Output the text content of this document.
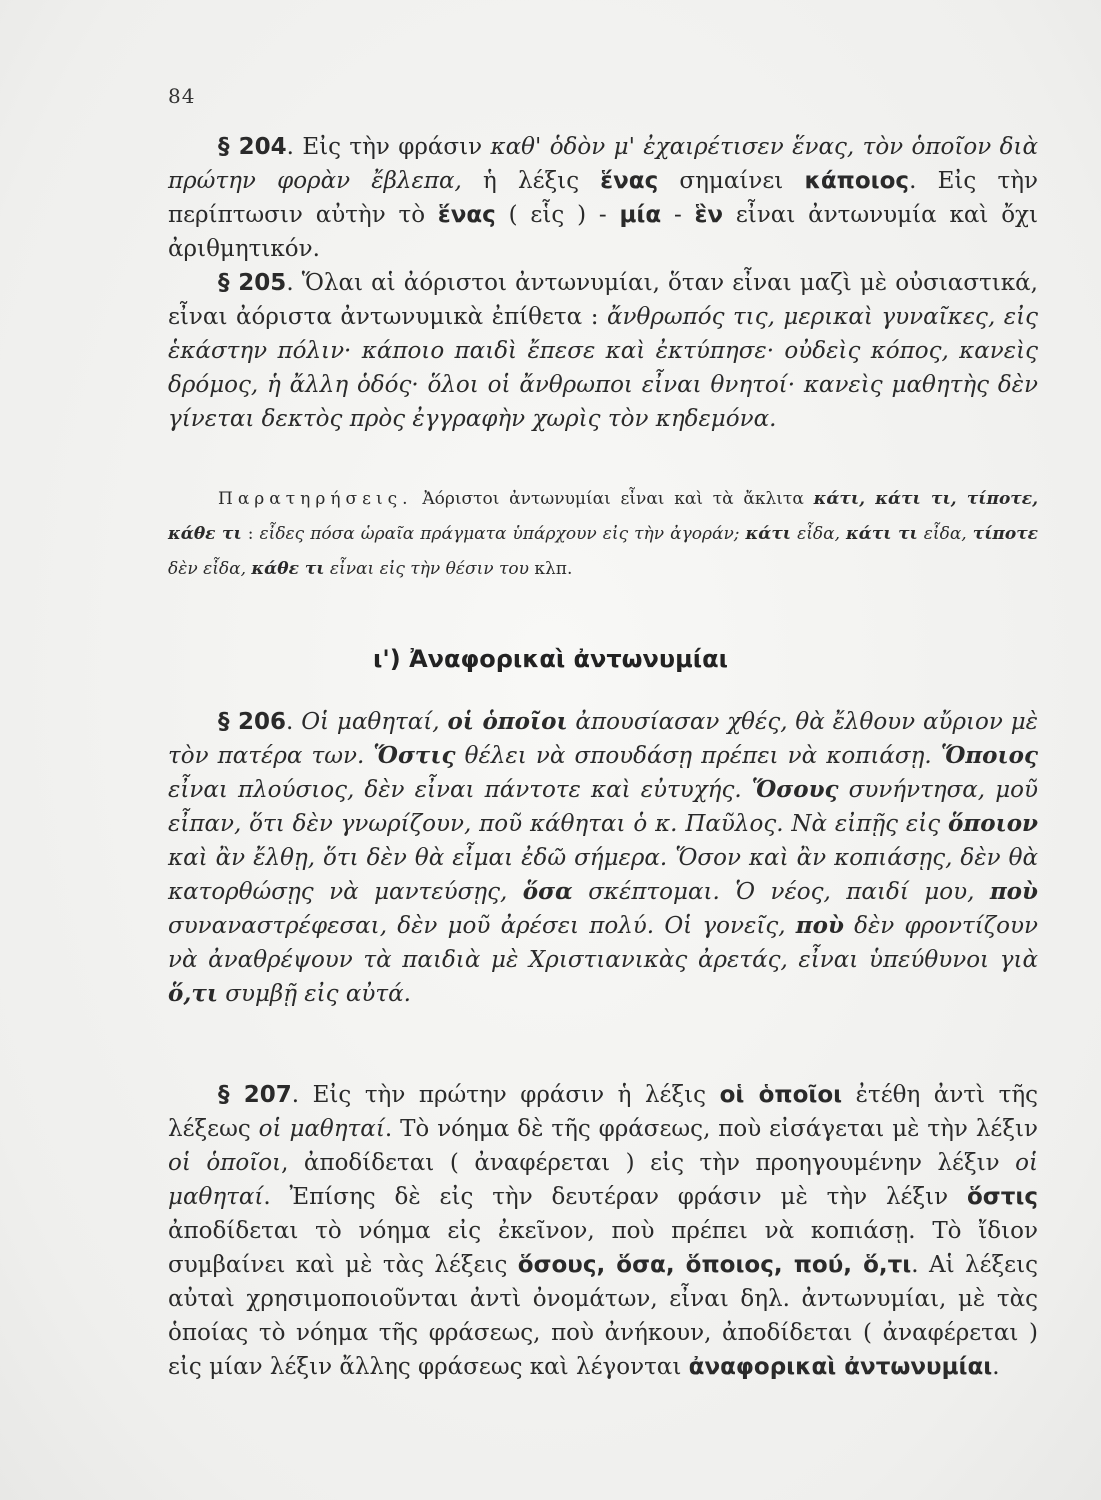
84

§ 204. Εἰς τὴν φράσιν καθ' ὁδὸν μ' ἐχαιρέτισεν ἕνας, τὸν ὁποῖον διὰ πρώτην φορὰν ἔβλεπα, ἡ λέξις ἕνας σημαίνει κάποιος. Εἰς τὴν περίπτωσιν αὐτὴν τὸ ἕνας ( εἷς ) - μία - ἓν εἶναι ἀντωνυμία καὶ ὄχι ἀριθμητικόν.

§ 205. Ὅλαι αἱ ἀόριστοι ἀντωνυμίαι, ὅταν εἶναι μαζὶ μὲ οὐσιαστικά, εἶναι ἀόριστα ἀντωνυμικὰ ἐπίθετα : ἄνθρωπός τις, μερικαὶ γυναῖκες, εἰς ἑκάστην πόλιν· κάποιο παιδὶ ἔπεσε καὶ ἐκτύπησε· οὐδεὶς κόπος, κανεὶς δρόμος, ἡ ἄλλη ὁδός· ὅλοι οἱ ἄνθρωποι εἶναι θνητοί· κανεὶς μαθητὴς δὲν γίνεται δεκτὸς πρὸς ἐγγραφὴν χωρὶς τὸν κηδεμόνα.

Παρατηρήσεις. Ἀόριστοι ἀντωνυμίαι εἶναι καὶ τὰ ἄκλιτα κάτι, κάτι τι, τίποτε, κάθε τι : εἶδες πόσα ὡραῖα πράγματα ὑπάρχουν εἰς τὴν ἀγοράν; κάτι εἶδα, κάτι τι εἶδα, τίποτε δὲν εἶδα, κάθε τι εἶναι εἰς τὴν θέσιν του κλπ.

ι') Ἀναφορικαὶ ἀντωνυμίαι

§ 206. Οἱ μαθηταί, οἱ ὁποῖοι ἀπουσίασαν χθές, θὰ ἔλθουν αὔριον μὲ τὸν πατέρα των. Ὅστις θέλει νὰ σπουδάσῃ πρέπει νὰ κοπιάσῃ. Ὅποιος εἶναι πλούσιος, δὲν εἶναι πάντοτε καὶ εὐτυχής. Ὅσους συνήντησα, μοῦ εἶπαν, ὅτι δὲν γνωρίζουν, ποῦ κάθηται ὁ κ. Παῦλος. Νὰ εἰπῇς εἰς ὅποιον καὶ ἂν ἔλθῃ, ὅτι δὲν θὰ εἶμαι ἐδῶ σήμερα. Ὅσον καὶ ἂν κοπιάσῃς, δὲν θὰ κατορθώσῃς νὰ μαντεύσῃς, ὅσα σκέπτομαι. Ὁ νέος, παιδί μου, ποὺ συναναστρέφεσαι, δὲν μοῦ ἀρέσει πολύ. Οἱ γονεῖς, ποὺ δὲν φροντίζουν νὰ ἀναθρέψουν τὰ παιδιὰ μὲ Χριστιανικὰς ἀρετάς, εἶναι ὑπεύθυνοι γιὰ ὅ,τι συμβῇ εἰς αὐτά.

§ 207. Εἰς τὴν πρώτην φράσιν ἡ λέξις οἱ ὁποῖοι ἐτέθη ἀντὶ τῆς λέξεως οἱ μαθηταί. Τὸ νόημα δὲ τῆς φράσεως, ποὺ εἰσάγεται μὲ τὴν λέξιν οἱ ὁποῖοι, ἀποδίδεται ( ἀναφέρεται ) εἰς τὴν προηγουμένην λέξιν οἱ μαθηταί. Ἐπίσης δὲ εἰς τὴν δευτέραν φράσιν μὲ τὴν λέξιν ὅστις ἀποδίδεται τὸ νόημα εἰς ἐκεῖνον, ποὺ πρέπει νὰ κοπιάσῃ. Τὸ ἴδιον συμβαίνει καὶ μὲ τὰς λέξεις ὅσους, ὅσα, ὅποιος, πού, ὅ,τι. Αἱ λέξεις αὐταὶ χρησιμοποιοῦνται ἀντὶ ὀνομάτων, εἶναι δηλ. ἀντωνυμίαι, μὲ τὰς ὁποίας τὸ νόημα τῆς φράσεως, ποὺ ἀνήκουν, ἀποδίδεται ( ἀναφέρεται ) εἰς μίαν λέξιν ἄλλης φράσεως καὶ λέγονται ἀναφορικαὶ ἀντωνυμίαι.
